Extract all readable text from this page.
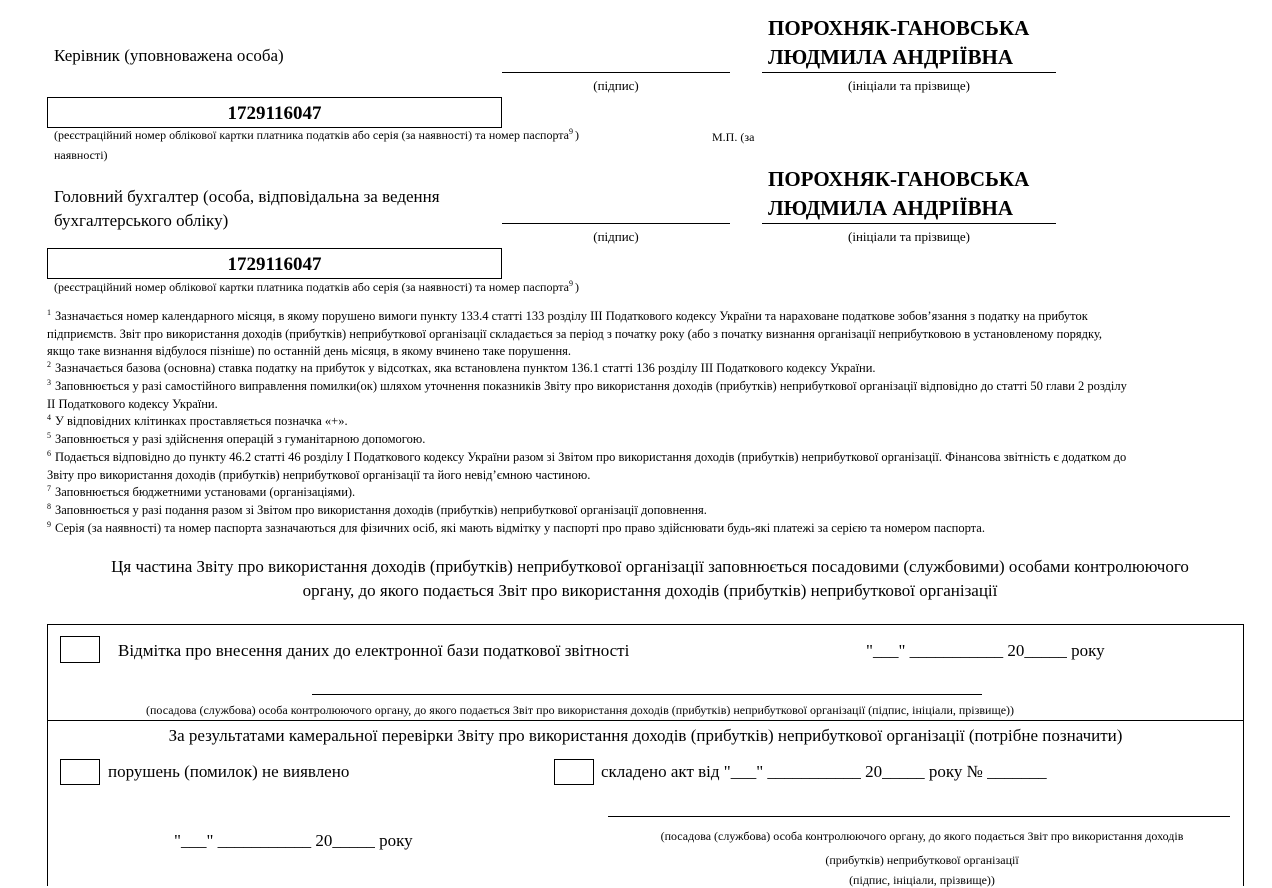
Керівник (уповноважена особа)
(підпис)
ПОРОХНЯК-ГАНОВСЬКА
ЛЮДМИЛА АНДРІЇВНА
(ініціали та прізвище)
1729116047
(реєстраційний номер облікової картки платника податків або серія (за наявності) та номер паспорта$^9$ )	М.П. (за
наявності)
Головний бухгалтер (особа, відповідальна за ведення
бухгалтерського обліку)
(підпис)
ПОРОХНЯК-ГАНОВСЬКА
ЛЮДМИЛА АНДРІЇВНА
(ініціали та прізвище)
1729116047
(реєстраційний номер облікової картки платника податків або серія (за наявності) та номер паспорта$^9$ )
$^1$ Зазначається номер календарного місяця, в якому порушено вимоги пункту 133.4 статті 133 розділу ІІІ Податкового кодексу України та нараховане податкове зобов’язання з податку на прибуток
підприємств. Звіт про використання доходів (прибутків) неприбуткової організації складається за період з початку року (або з початку визнання організації неприбутковою в установленому порядку,
якщо таке визнання відбулося пізніше) по останній день місяця, в якому вчинено таке порушення.
$^2$ Зазначається базова (основна) ставка податку на прибуток у відсотках, яка встановлена пунктом 136.1 статті 136 розділу ІІІ Податкового кодексу України.
$^3$ Заповнюється у разі самостійного виправлення помилки(ок) шляхом уточнення показників Звіту про використання доходів (прибутків) неприбуткової організації відповідно до статті 50 глави 2 розділу
ІІ Податкового кодексу України.
$^4$ У відповідних клітинках проставляється позначка «+».
$^5$ Заповнюється у разі здійснення операцій з гуманітарною допомогою.
$^6$ Подається відповідно до пункту 46.2 статті 46 розділу І Податкового кодексу України разом зі Звітом про використання доходів (прибутків) неприбуткової організації. Фінансова звітність є додатком до
Звіту про використання доходів (прибутків) неприбуткової організації та його невід’ємною частиною.
$^7$ Заповнюється бюджетними установами (організаціями).
$^8$ Заповнюється у разі подання разом зі Звітом про використання доходів (прибутків) неприбуткової організації доповнення.
$^9$ Серія (за наявності) та номер паспорта зазначаються для фізичних осіб, які мають відмітку у паспорті про право здійснювати будь-які платежі за серією та номером паспорта.
Ця частина Звіту про використання доходів (прибутків) неприбуткової організації заповнюється посадовими (службовими) особами контролюючого
органу, до якого подається Звіт про використання доходів (прибутків) неприбуткової організації
Відмітка про внесення даних до електронної бази податкової звітності	"___" ___________ 20_____ року
(посадова (службова) особа контролюючого органу, до якого подається Звіт про використання доходів (прибутків) неприбуткової організації (підпис, ініціали, прізвище))
За результатами камеральної перевірки Звіту про використання доходів (прибутків) неприбуткової організації (потрібне позначити)
порушень (помилок) не виявлено	складено акт від "___" ___________ 20_____ року № _______
"___" ___________ 20_____ року	(посадова (службова) особа контролюючого органу, до якого подається Звіт про використання доходів
(прибутків) неприбуткової організації
(підпис, ініціали, прізвище))
